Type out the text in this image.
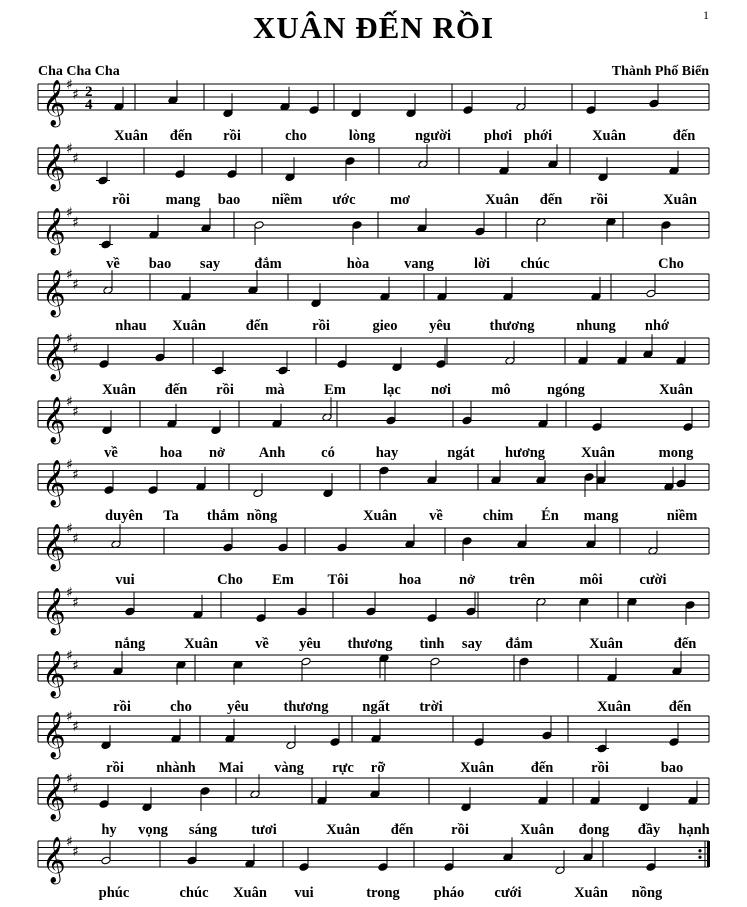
1
XUÂN ĐẾN RỒI
Cha Cha Cha	Thành Phố Biển
𝄞 ♯
♯ 2
4
Xuân đến rồi	cho	lòng	người phơi phới	Xuân	đến
𝄞 ♯
♯
rồi mang bao niềm ước mơ	Xuân đến rồi	Xuân
𝄞 ♯
♯
về bao say đắm	hòa vang	lời chúc	Cho
𝄞 ♯
♯
nhau Xuân	đến	rồi	gieo yêu	thương	nhung nhớ
𝄞 ♯
♯
Xuân đến rồi mà	Em	lạc nơi	mô	ngóng	Xuân
𝄞 ♯
♯
về	hoa nở Anh có	hay	ngát hương Xuân	mong
𝄞 ♯
♯
duyên Ta thắm nồng	Xuân về	chim Én mang	niềm
𝄞 ♯
♯
vui	Cho Em Tôi	hoa	nở trên	môi	cười
𝄞 ♯
♯
nắng	Xuân	về yêu thương tình say đắm	Xuân	đến
𝄞 ♯
♯
rồi	cho yêu thương ngất trời	Xuân	đến
𝄞 ♯
♯
rồi nhành Mai vàng rực rỡ	Xuân	đến	rồi	bao
𝄞 ♯
♯
hy vọng sáng tươi	Xuân đến	rồi	Xuân đong đầy hạnh
𝄞 ♯
♯
phúc	chúc Xuân vui	trong pháo cưới	Xuân nồng
